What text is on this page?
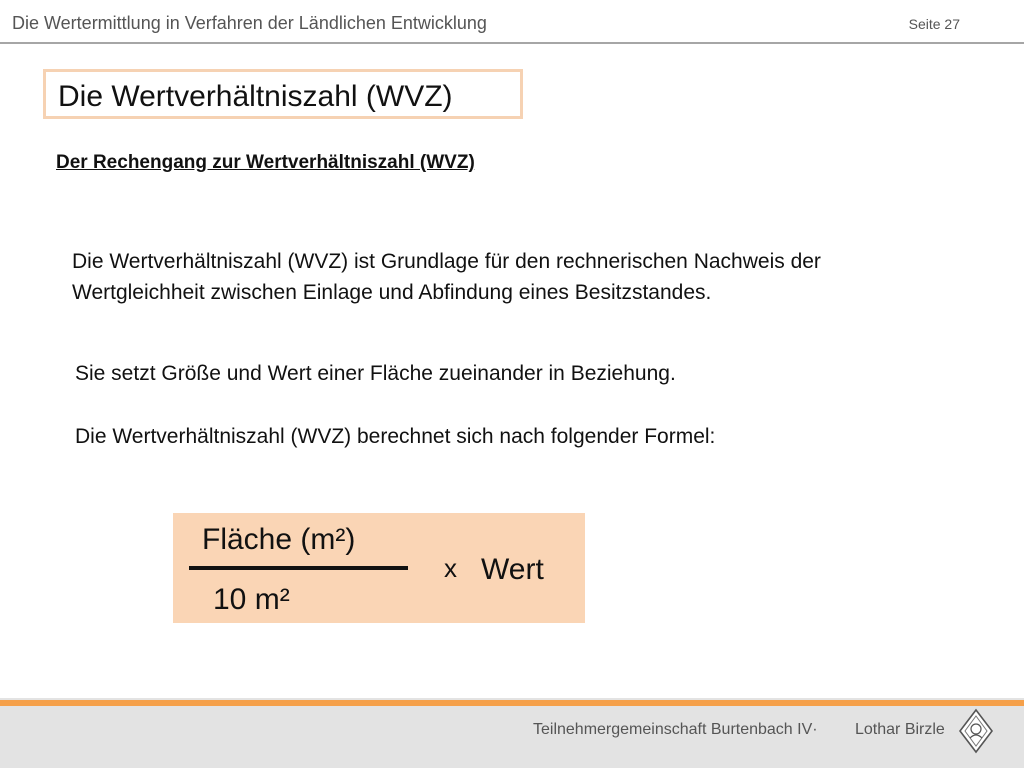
Die Wertermittlung in Verfahren der Ländlichen Entwicklung	Seite 27
Die Wertverhältniszahl (WVZ)
Der Rechengang zur Wertverhältniszahl (WVZ)
Die Wertverhältniszahl (WVZ) ist Grundlage für den rechnerischen Nachweis der Wertgleichheit zwischen Einlage und Abfindung eines Besitzstandes.
Sie setzt Größe und Wert einer Fläche zueinander in Beziehung.
Die Wertverhältniszahl (WVZ) berechnet sich nach folgender Formel:
Fläche (m²)
10 m²
x Wert
Teilnehmergemeinschaft Burtenbach IV· Lothar Birzle
